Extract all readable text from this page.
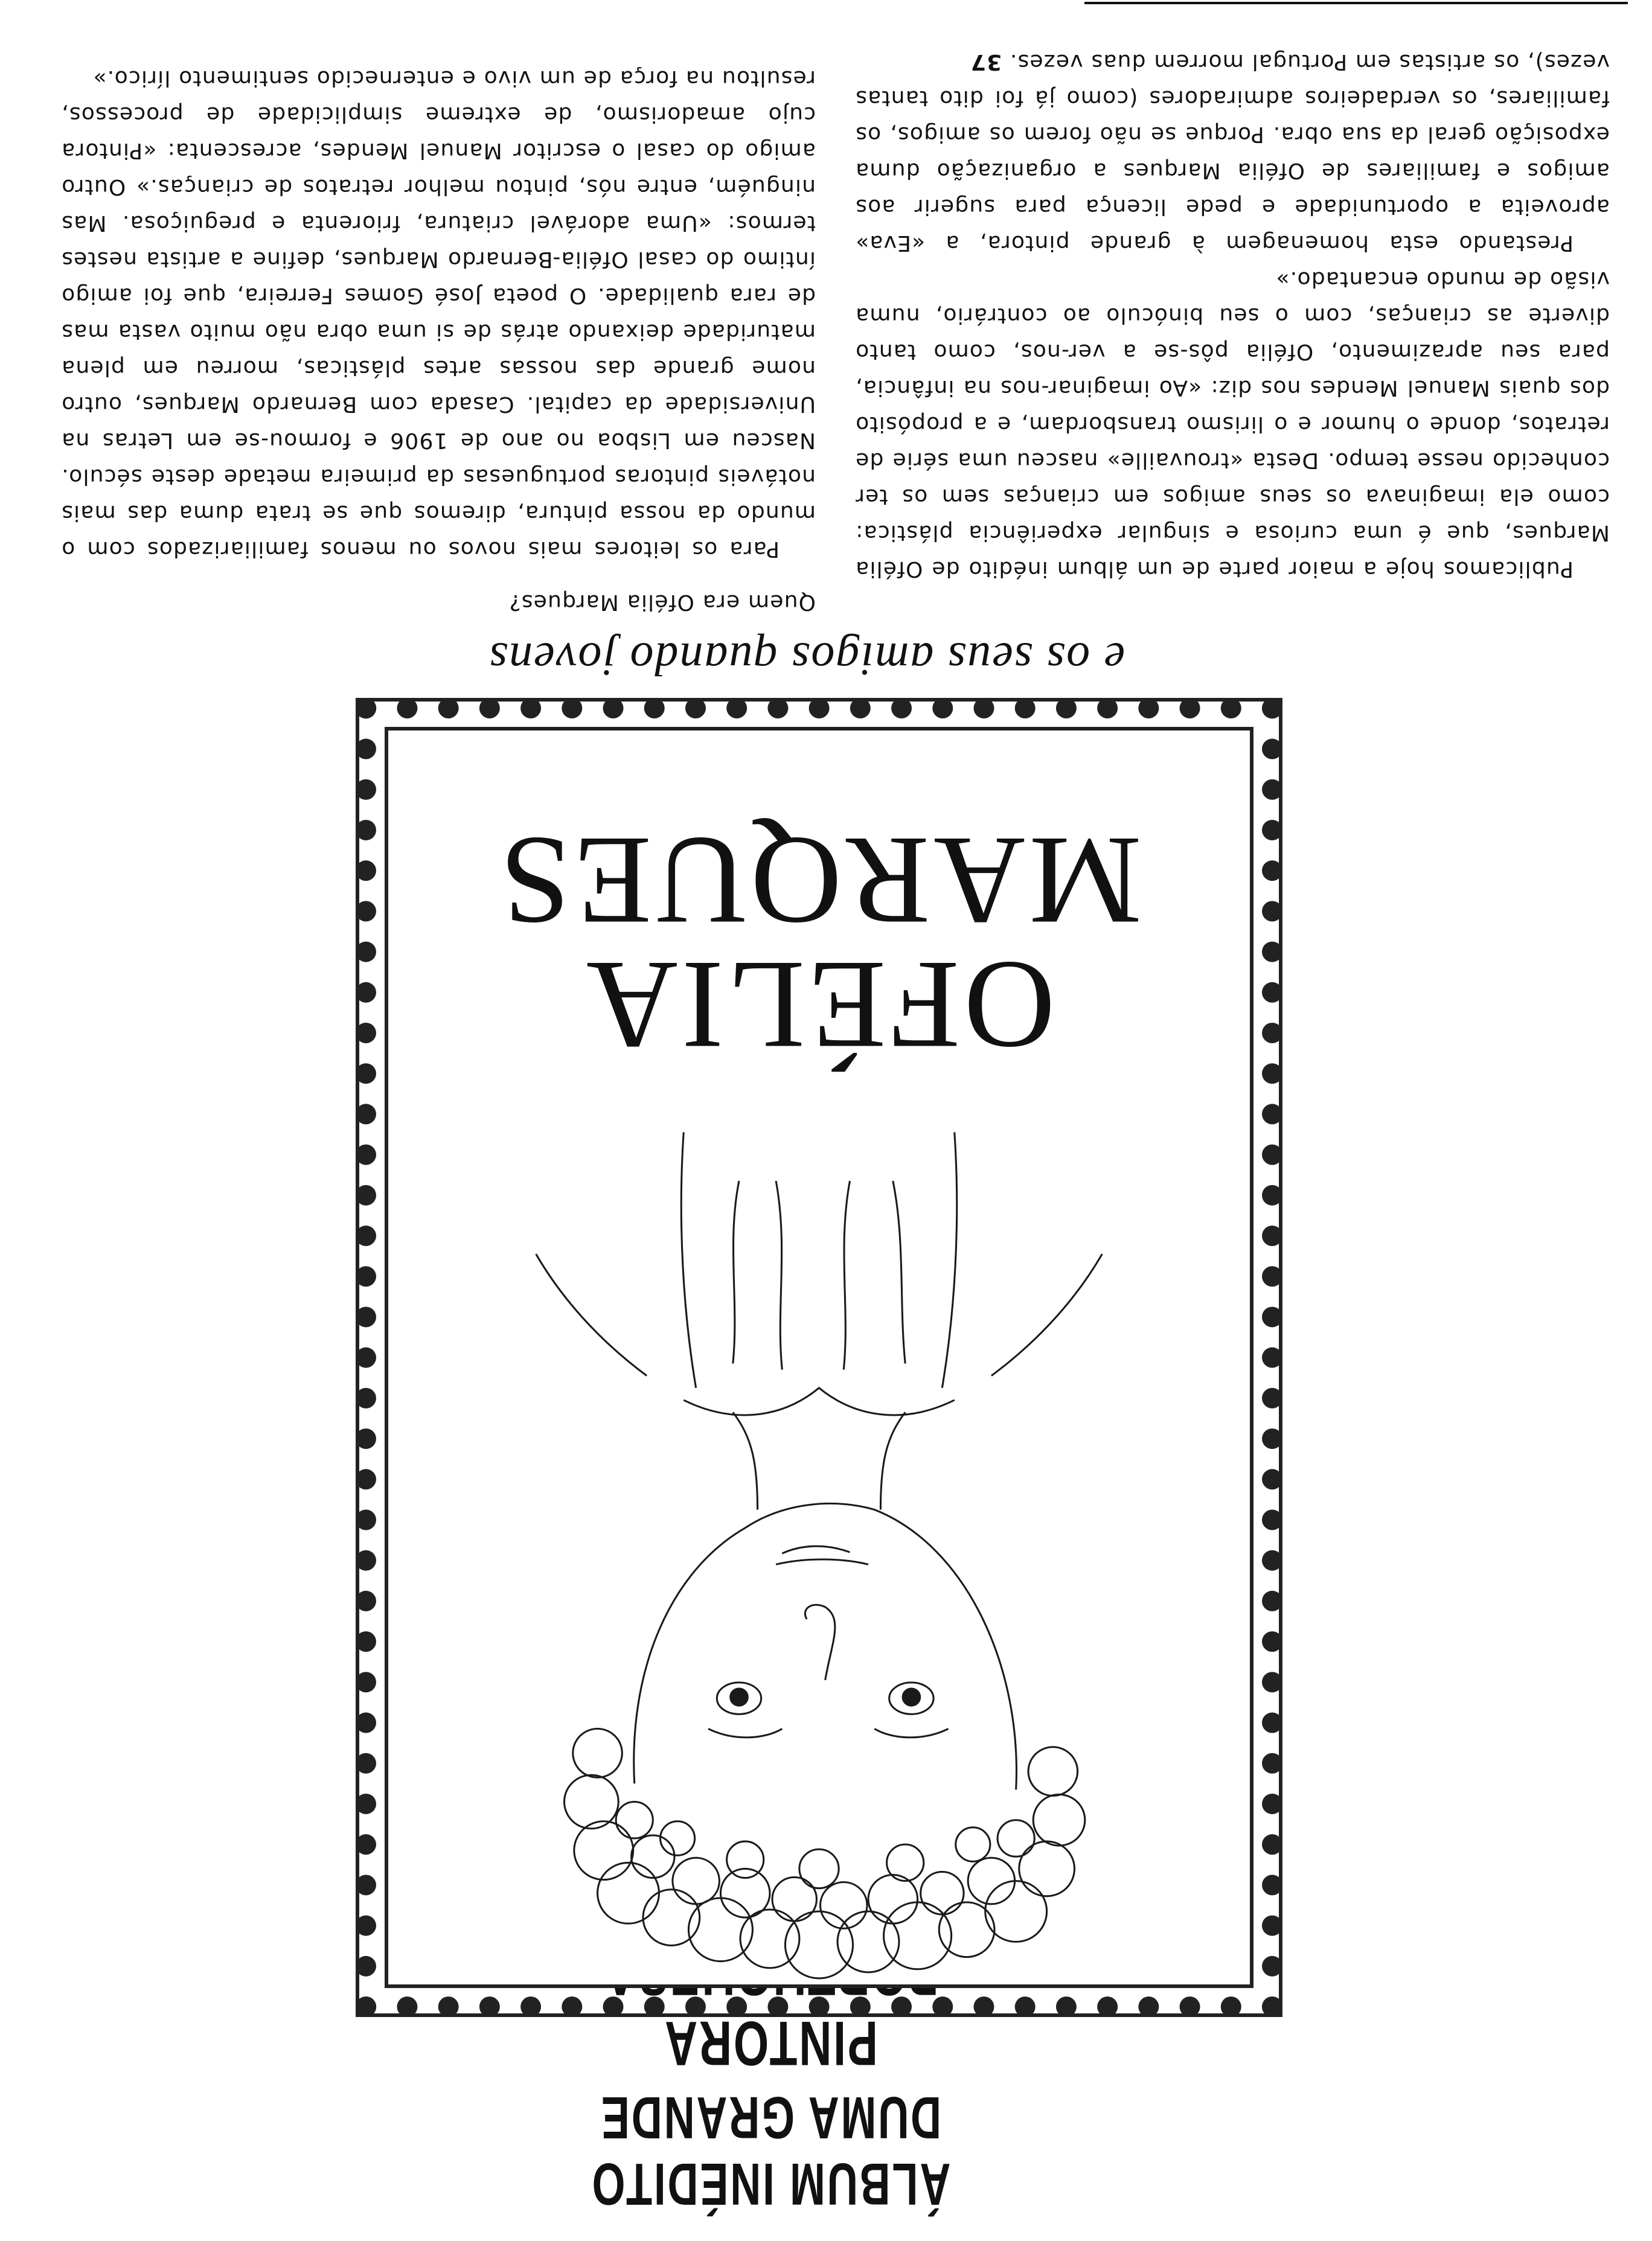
ÁLBUM INÉDITO DUMA GRANDE
PINTORA
OFÉLIA
MARQUES
e os seus amigos quando jovens

Quem era Ofélia Marques?

Para os leitores mais novos ou menos familiarizados com o mundo da nossa pintura, diremos que se trata duma das mais notáveis pintoras portuguesas da primeira metade deste século. Nasceu em Lisboa no ano de 1906 e formou-se em Letras na Universidade da capital. Casada com Bernardo Marques, outro nome grande das nossas artes plásticas, morreu em plena maturidade deixando atrás de si uma obra não muito vasta mas de rara qualidade. O poeta José Gomes Ferreira, que foi amigo íntimo do casal Ofélia-Bernardo Marques, define a artista nestes termos: «Uma adorável criatura, friorenta e preguiçosa. Mas ninguém, entre nós, pintou melhor retratos de crianças.» Outro amigo do casal o escritor Manuel Mendes, acrescenta: «Pintora cujo amadorismo, de extreme simplicidade de processos, resultou na força de um vivo e enternecido sentimento lírico.»

Publicamos hoje a maior parte de um álbum inédito de Ofélia Marques, que é uma curiosa e singular experiência plástica: como ela imaginava os seus amigos em crianças sem os ter conhecido nesse tempo. Desta «trouvaille» nasceu uma série de retratos, donde o humor e o lirismo transbordam, e a propósito dos quais Manuel Mendes nos diz: «Ao imaginar-nos na infância, para seu aprazimento, Ofélia pôs-se a ver-nos, como tanto diverte as crianças, com o seu binóculo ao contrário, numa visão de mundo encantado.»

Prestando esta homenagem à grande pintora, a «Eva» aproveita a oportunidade e pede licença para sugerir aos amigos e familiares de Ofélia Marques a organização duma exposição geral da sua obra. Porque se não forem os amigos, os familiares, os verdadeiros admiradores (como já foi dito tantas vezes), os artistas em Portugal morrem duas vezes. 37
